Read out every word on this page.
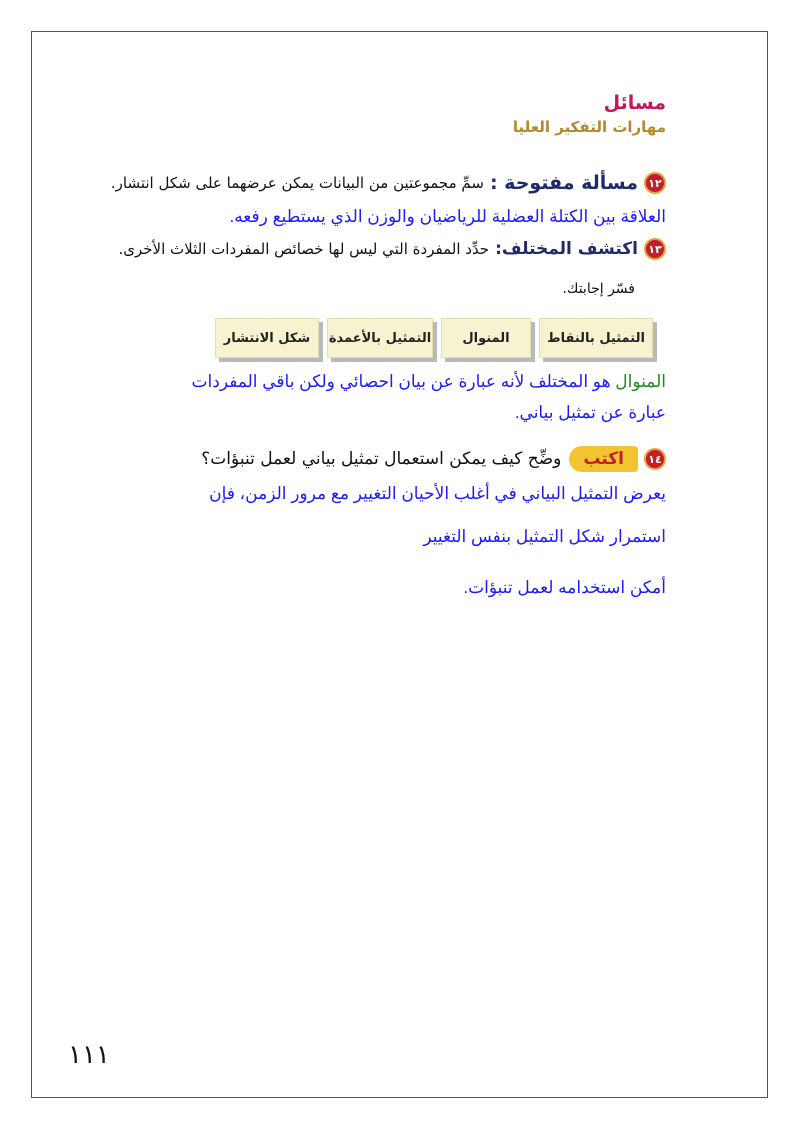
مسائل
مهارات التفكير العليا
١٢
مسألة مفتوحة :
سمِّ مجموعتين من البيانات يمكن عرضهما على شكل انتشار.
العلاقة بين الكتلة العضلية للرياضيان والوزن الذي يستطيع رفعه.
١٣
اكتشف المختلف:
حدِّد المفردة التي ليس لها خصائص المفردات الثلاث الأخرى.
فسّر إجابتك.
التمثيل بالنقاط
المنوال
التمثيل بالأعمدة
شكل الانتشار
المنوال هو المختلف لأنه عبارة عن بيان احصائي ولكن باقي المفردات
عبارة عن تمثيل بياني.
١٤
اكتب
وضِّح كيف يمكن استعمال تمثيل بياني لعمل تنبؤات؟
يعرض التمثيل البياني في أغلب الأحيان التغيير مع مرور الزمن، فإن
استمرار شكل التمثيل بنفس التغيير
أمكن استخدامه لعمل تنبؤات.
١١١
